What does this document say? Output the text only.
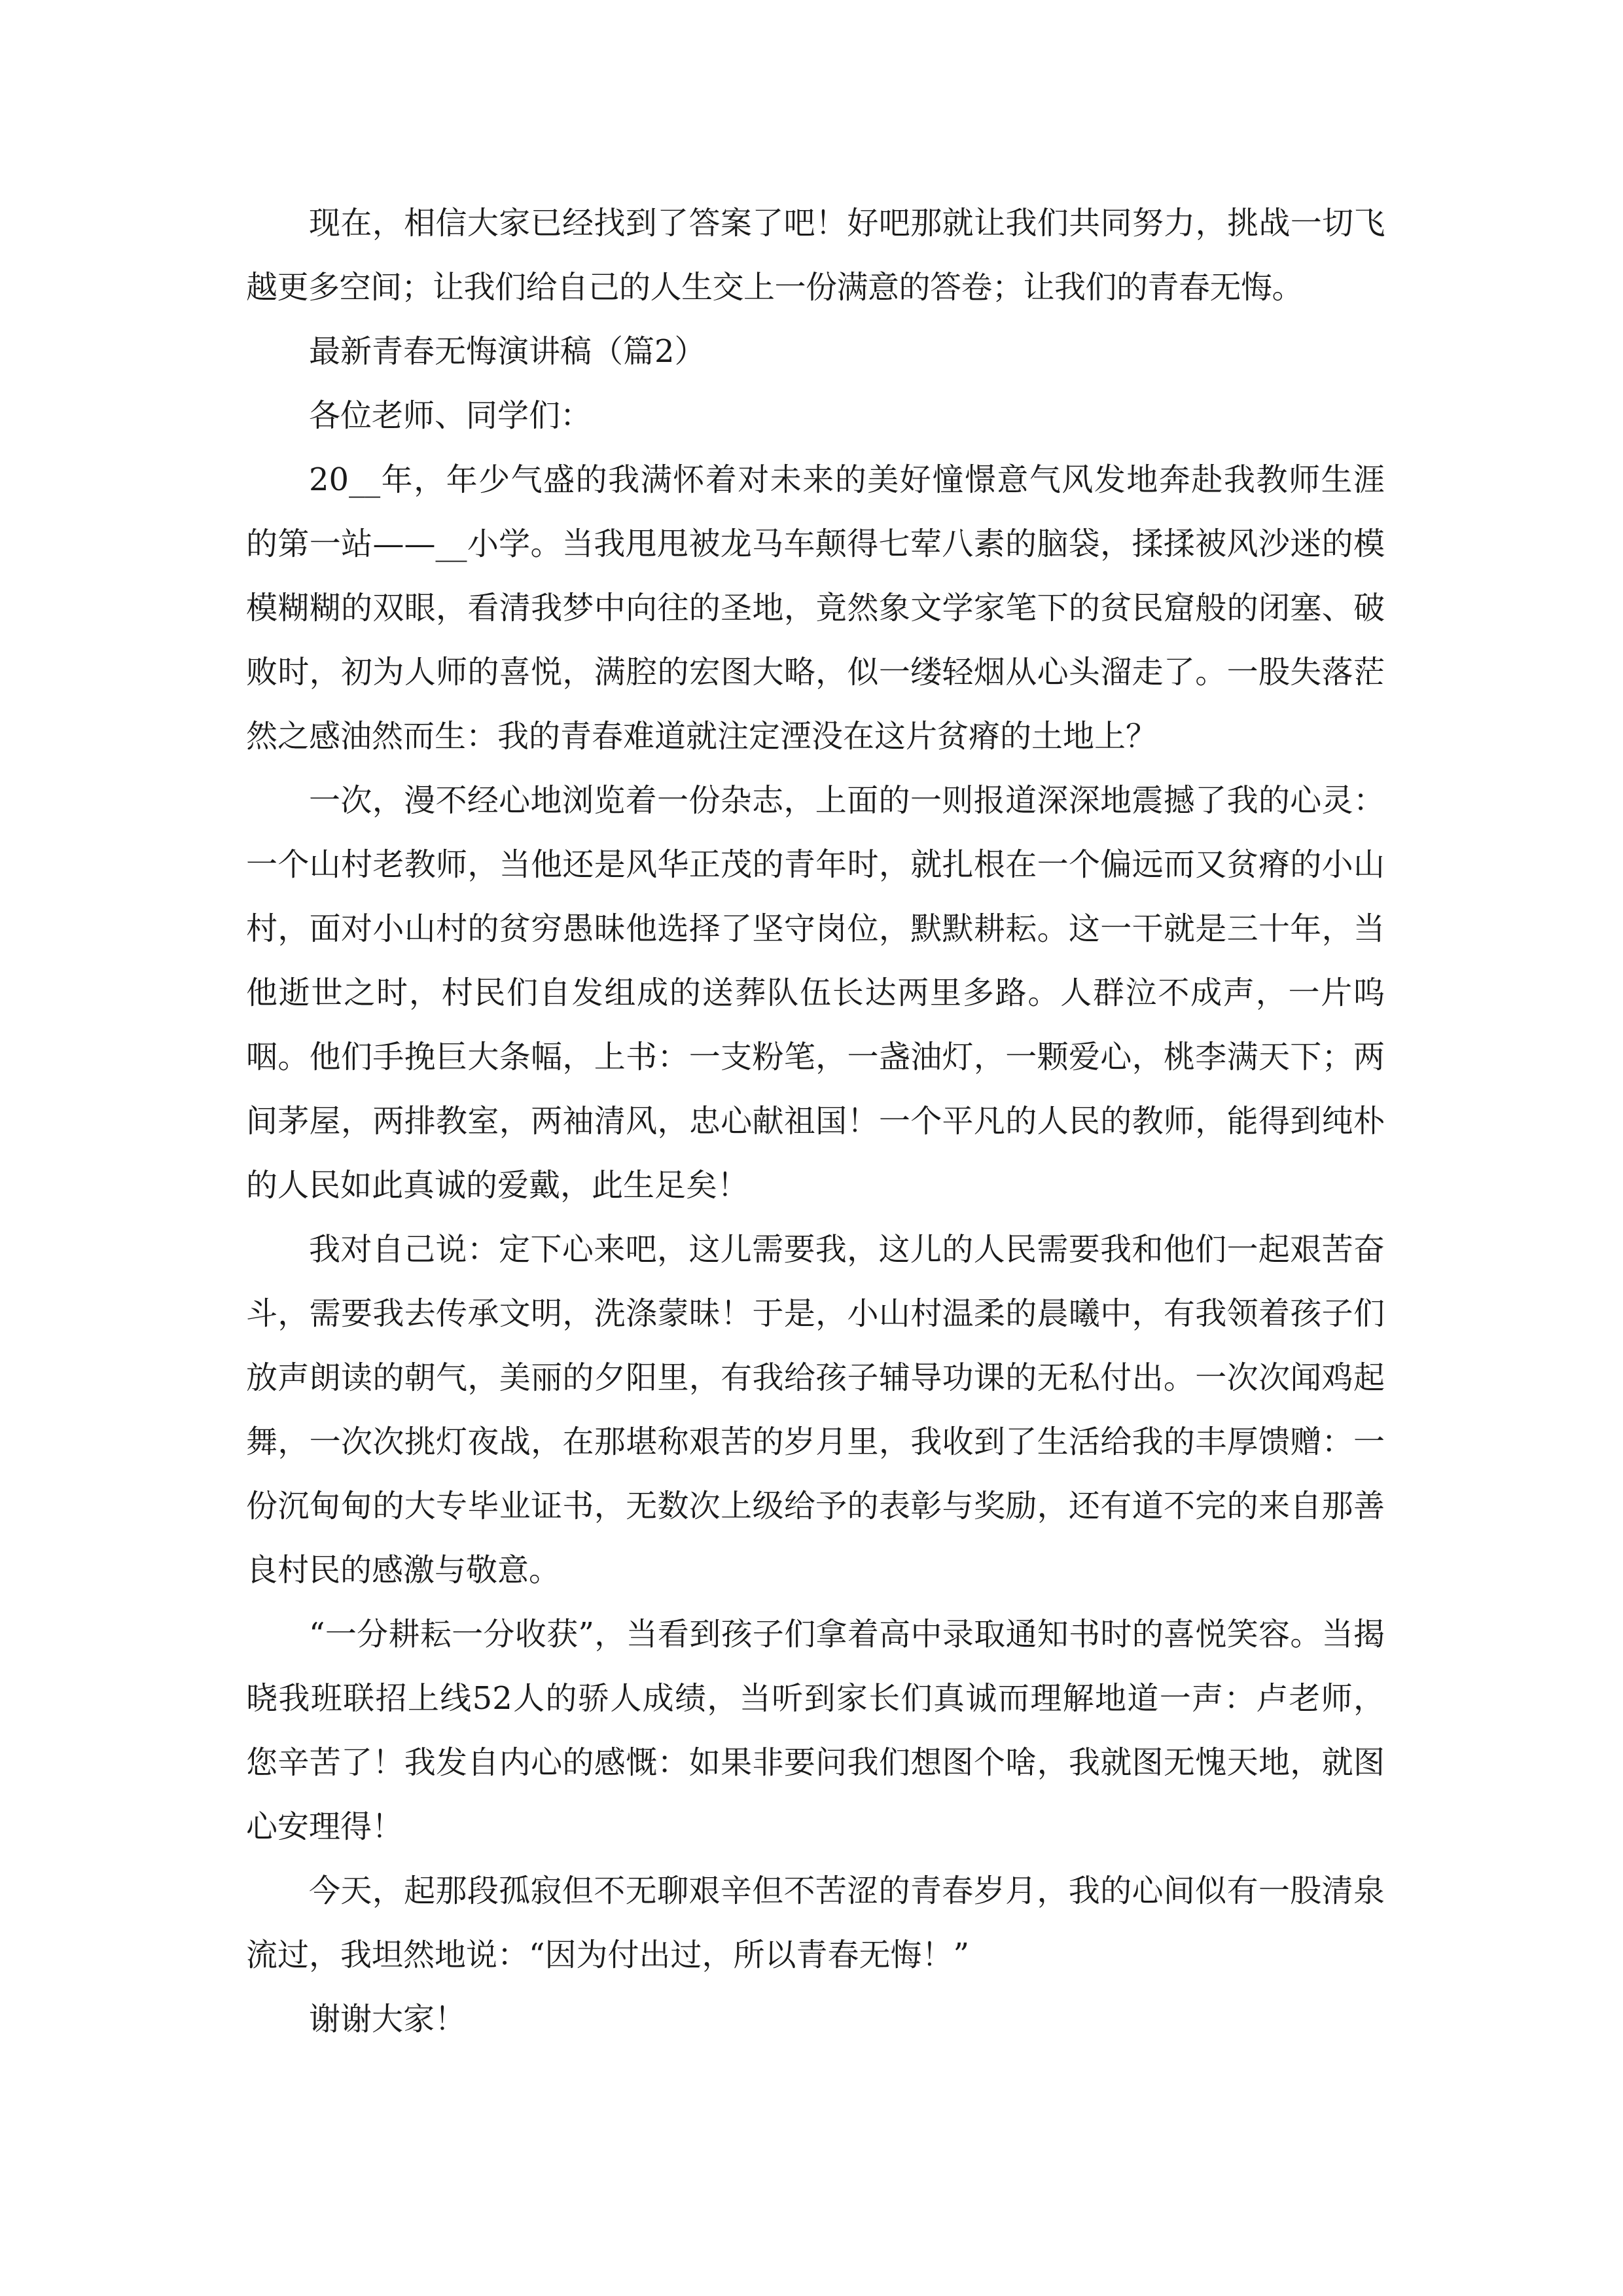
现在，相信大家已经找到了答案了吧！好吧那就让我们共同努力，挑战一切飞越更多空间；让我们给自己的人生交上一份满意的答卷；让我们的青春无悔。

最新青春无悔演讲稿（篇2）

各位老师、同学们：

20__年，年少气盛的我满怀着对未来的美好憧憬意气风发地奔赴我教师生涯的第一站——__小学。当我甩甩被龙马车颠得七荤八素的脑袋，揉揉被风沙迷的模模糊糊的双眼，看清我梦中向往的圣地，竟然象文学家笔下的贫民窟般的闭塞、破败时，初为人师的喜悦，满腔的宏图大略，似一缕轻烟从心头溜走了。一股失落茫然之感油然而生：我的青春难道就注定湮没在这片贫瘠的土地上？

一次，漫不经心地浏览着一份杂志，上面的一则报道深深地震撼了我的心灵：一个山村老教师，当他还是风华正茂的青年时，就扎根在一个偏远而又贫瘠的小山村，面对小山村的贫穷愚昧他选择了坚守岗位，默默耕耘。这一干就是三十年，当他逝世之时，村民们自发组成的送葬队伍长达两里多路。人群泣不成声，一片呜咽。他们手挽巨大条幅，上书：一支粉笔，一盏油灯，一颗爱心，桃李满天下；两间茅屋，两排教室，两袖清风，忠心献祖国！一个平凡的人民的教师，能得到纯朴的人民如此真诚的爱戴，此生足矣！

我对自己说：定下心来吧，这儿需要我，这儿的人民需要我和他们一起艰苦奋斗，需要我去传承文明，洗涤蒙昧！于是，小山村温柔的晨曦中，有我领着孩子们放声朗读的朝气，美丽的夕阳里，有我给孩子辅导功课的无私付出。一次次闻鸡起舞，一次次挑灯夜战，在那堪称艰苦的岁月里，我收到了生活给我的丰厚馈赠：一份沉甸甸的大专毕业证书，无数次上级给予的表彰与奖励，还有道不完的来自那善良村民的感激与敬意。

“一分耕耘一分收获”，当看到孩子们拿着高中录取通知书时的喜悦笑容。当揭晓我班联招上线52人的骄人成绩，当听到家长们真诚而理解地道一声：卢老师，您辛苦了！我发自内心的感慨：如果非要问我们想图个啥，我就图无愧天地，就图心安理得！

今天，起那段孤寂但不无聊艰辛但不苦涩的青春岁月，我的心间似有一股清泉流过，我坦然地说：“因为付出过，所以青春无悔！”

谢谢大家！
